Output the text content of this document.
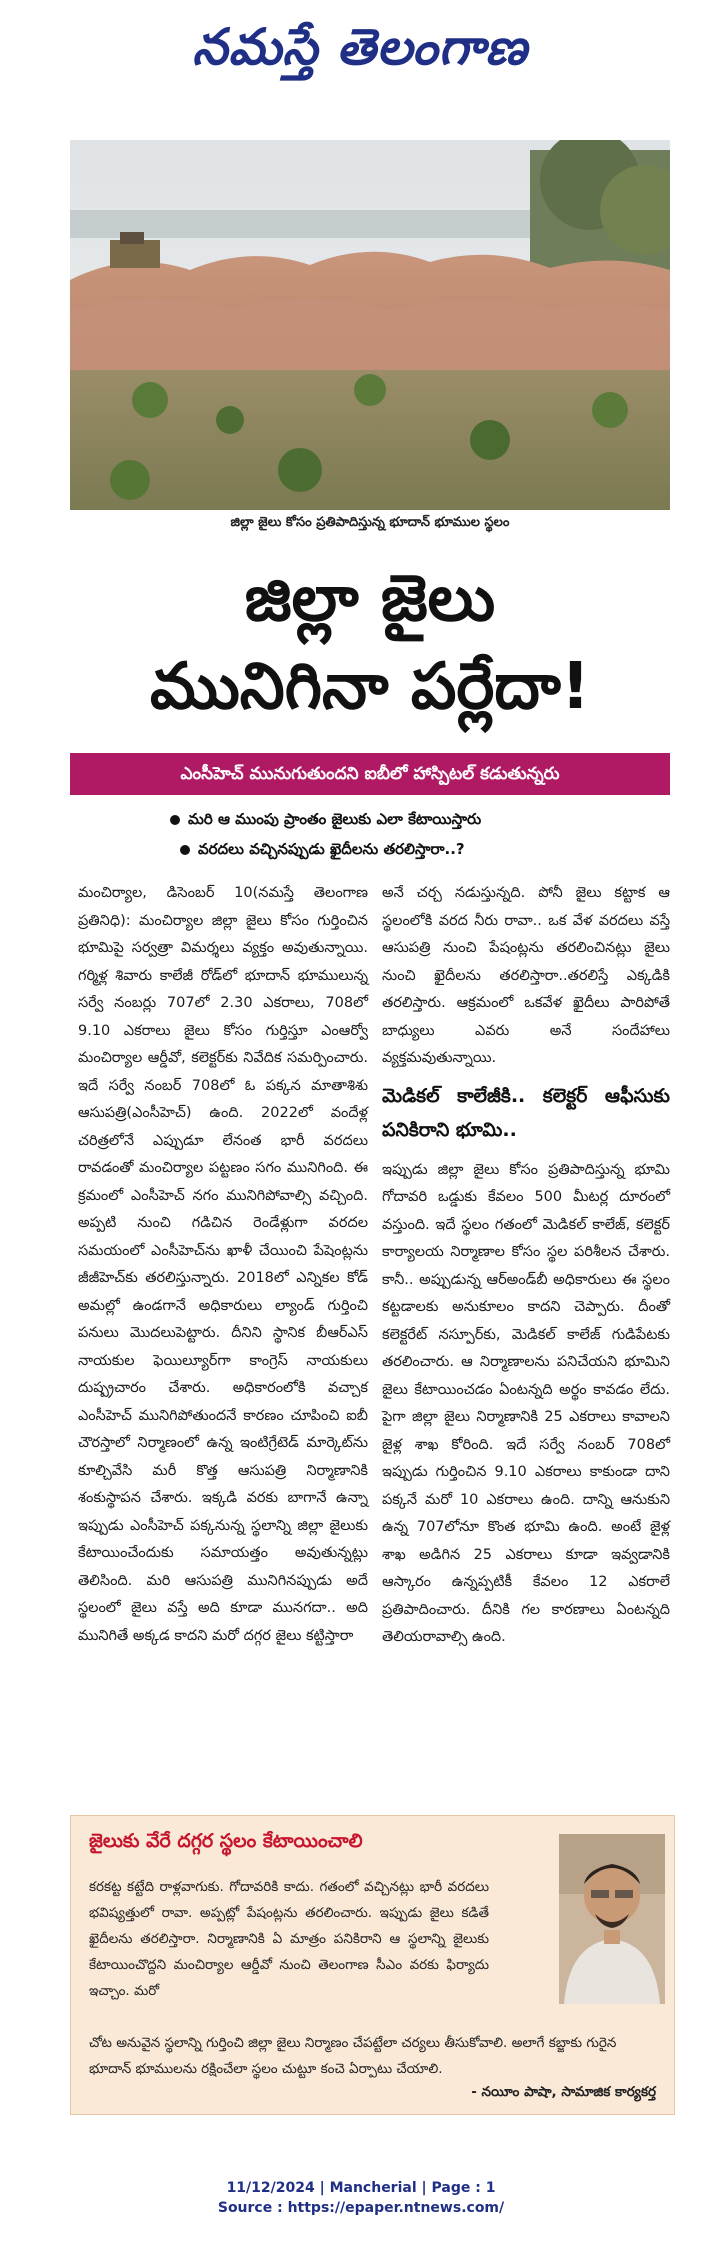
నమస్తే తెలంగాణ
జిల్లా జైలు కోసం ప్రతిపాదిస్తున్న భూదాన్ భూముల స్థలం
జిల్లా జైలు
మునిగినా పర్లేదా!
ఎంసీహెచ్ మునుగుతుందని ఐబీలో హాస్పిటల్ కడుతున్నరు
మరి ఆ ముంపు ప్రాంతం జైలుకు ఎలా కేటాయిస్తారు
వరదలు వచ్చినప్పుడు ఖైదీలను తరలిస్తారా..?

మంచిర్యాల, డిసెంబర్ 10(నమస్తే తెలంగాణ ప్రతినిధి): మంచిర్యాల జిల్లా జైలు కోసం గుర్తించిన భూమిపై సర్వత్రా విమర్శలు వ్యక్తం అవుతున్నాయి. గర్మిళ్ల శివారు కాలేజీ రోడ్‌లో భూదాన్ భూములున్న సర్వే నంబర్లు 707లో 2.30 ఎకరాలు, 708లో 9.10 ఎకరాలు జైలు కోసం గుర్తిస్తూ ఎంఆర్వో మంచిర్యాల ఆర్డీవో, కలెక్టర్‌కు నివేదిక సమర్పించారు. ఇదే సర్వే నంబర్ 708లో ఓ పక్కన మాతాశిశు ఆసుపత్రి(ఎంసీహెచ్) ఉంది. 2022లో వందేళ్ల చరిత్రలోనే ఎప్పుడూ లేనంత భారీ వరదలు రావడంతో మంచిర్యాల పట్టణం సగం మునిగింది. ఈ క్రమంలో ఎంసీహెచ్ నగం మునిగిపోవాల్సి వచ్చింది. అప్పటి నుంచి గడిచిన రెండేళ్లుగా వరదల సమయంలో ఎంసీహెచ్‌ను ఖాళీ చేయించి పేషెంట్లను జీజీహెచ్‌కు తరలిస్తున్నారు. 2018లో ఎన్నికల కోడ్ అమల్లో ఉండగానే అధికారులు ల్యాండ్ గుర్తించి పనులు మొదలుపెట్టారు. దీనిని స్థానిక బీఆర్ఎస్ నాయకుల ఫెయిల్యూర్‌గా కాంగ్రెస్ నాయకులు దుష్ప్రచారం చేశారు. అధికారంలోకి వచ్చాక ఎంసీహెచ్ మునిగిపోతుందనే కారణం చూపించి ఐబీ చౌరస్తాలో నిర్మాణంలో ఉన్న ఇంటిగ్రేటెడ్ మార్కెట్‌ను కూల్చివేసి మరీ కొత్త ఆసుపత్రి నిర్మాణానికి శంకుస్థాపన చేశారు. ఇక్కడి వరకు బాగానే ఉన్నా ఇప్పుడు ఎంసీహెచ్ పక్కనున్న స్థలాన్ని జిల్లా జైలుకు కేటాయించేందుకు సమాయత్తం అవుతున్నట్లు తెలిసింది. మరి ఆసుపత్రి మునిగినప్పుడు అదే స్థలంలో జైలు వస్తే అది కూడా మునగదా.. అది మునిగితే అక్కడ కాదని మరో దగ్గర జైలు కట్టిస్తారా

అనే చర్చ నడుస్తున్నది. పోనీ జైలు కట్టాక ఆ స్థలంలోకి వరద నీరు రావా.. ఒక వేళ వరదలు వస్తే ఆసుపత్రి నుంచి పేషంట్లను తరలించినట్లు జైలు నుంచి ఖైదీలను తరలిస్తారా..తరలిస్తే ఎక్కడికి తరలిస్తారు. ఆక్రమంలో ఒకవేళ ఖైదీలు పారిపోతే బాధ్యులు ఎవరు అనే సందేహాలు వ్యక్తమవుతున్నాయి.

మెడికల్ కాలేజీకి.. కలెక్టర్ ఆఫీసుకు పనికిరాని భూమి..

ఇప్పుడు జిల్లా జైలు కోసం ప్రతిపాదిస్తున్న భూమి గోదావరి ఒడ్డుకు కేవలం 500 మీటర్ల దూరంలో వస్తుంది. ఇదే స్థలం గతంలో మెడికల్ కాలేజ్, కలెక్టర్ కార్యాలయ నిర్మాణాల కోసం స్థల పరిశీలన చేశారు. కానీ.. అప్పుడున్న ఆర్అండ్‌బీ అధికారులు ఈ స్థలం కట్టడాలకు అనుకూలం కాదని చెప్పారు. దీంతో కలెక్టరేట్ నస్పూర్‌కు, మెడికల్ కాలేజ్ గుడిపేటకు తరలించారు. ఆ నిర్మాణాలను పనిచేయని భూమిని జైలు కేటాయించడం ఏంటన్నది అర్థం కావడం లేదు. పైగా జిల్లా జైలు నిర్మాణానికి 25 ఎకరాలు కావాలని జైళ్ల శాఖ కోరింది. ఇదే సర్వే నంబర్ 708లో ఇప్పుడు గుర్తించిన 9.10 ఎకరాలు కాకుండా దాని పక్కనే మరో 10 ఎకరాలు ఉంది. దాన్ని ఆనుకుని ఉన్న 707లోనూ కొంత భూమి ఉంది. అంటే జైళ్ల శాఖ అడిగిన 25 ఎకరాలు కూడా ఇవ్వడానికి ఆస్కారం ఉన్నప్పటికీ కేవలం 12 ఎకరాలే ప్రతిపాదించారు. దీనికి గల కారణాలు ఏంటన్నది తెలియరావాల్సి ఉంది.

జైలుకు వేరే దగ్గర స్థలం కేటాయించాలి
కరకట్ట కట్టేది రాళ్లవాగుకు. గోదావరికి కాదు. గతంలో వచ్చినట్లు భారీ వరదలు భవిష్యత్తులో రావా. అప్పట్లో పేషంట్లను తరలించారు. ఇప్పుడు జైలు కడితే ఖైదీలను తరలిస్తారా. నిర్మాణానికి ఏ మాత్రం పనికిరాని ఆ స్థలాన్ని జైలుకు కేటాయించొద్దని మంచిర్యాల ఆర్డీవో నుంచి తెలంగాణ సీఎం వరకు ఫిర్యాదు ఇచ్చాం. మరో
చోట అనువైన స్థలాన్ని గుర్తించి జిల్లా జైలు నిర్మాణం చేపట్టేలా చర్యలు తీసుకోవాలి. అలాగే కబ్జాకు గురైన భూదాన్ భూములను రక్షించేలా స్థలం చుట్టూ కంచె ఏర్పాటు చేయాలి.
- నయీం పాషా, సామాజిక కార్యకర్త
11/12/2024 | Mancherial | Page : 1
Source : https://epaper.ntnews.com/
